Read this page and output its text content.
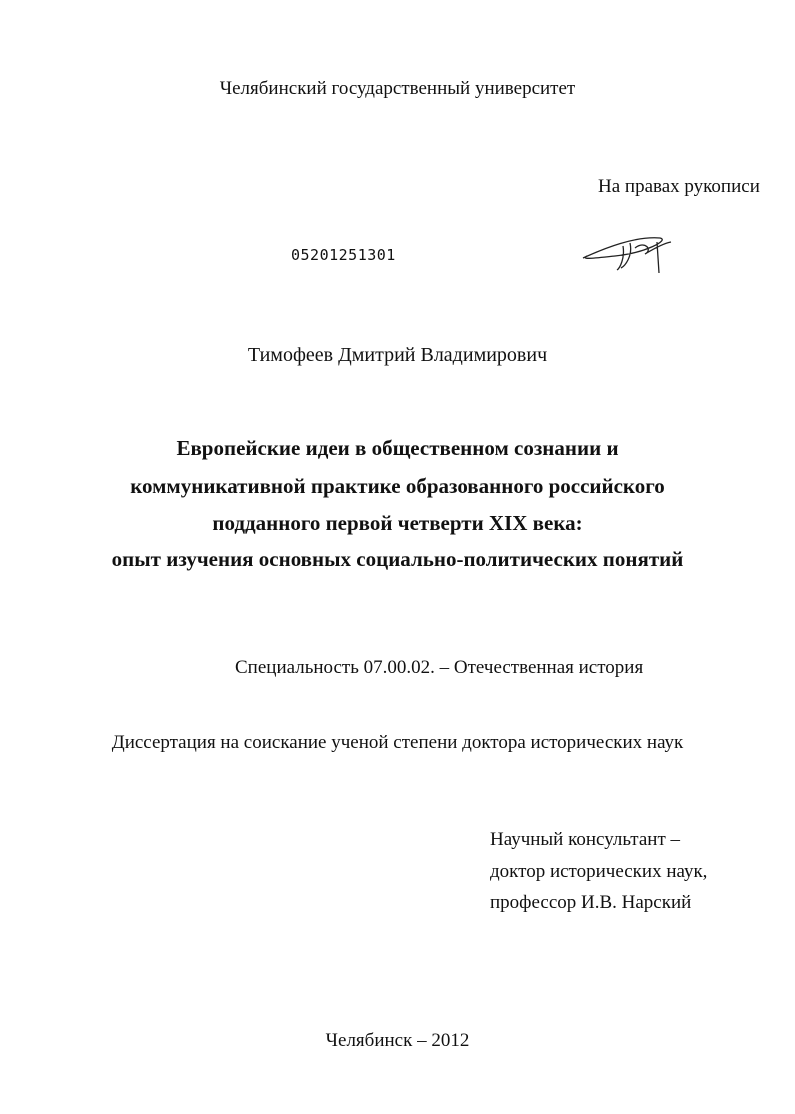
Челябинский государственный университет
На правах рукописи
05201251301
Тимофеев Дмитрий Владимирович
Европейские идеи в общественном сознании и
коммуникативной практике образованного российского
подданного первой четверти XIX века:
опыт изучения основных социально-политических понятий
Специальность 07.00.02. – Отечественная история
Диссертация на соискание ученой степени доктора исторических наук
Научный консультант –
доктор исторических наук,
профессор И.В. Нарский
Челябинск – 2012
